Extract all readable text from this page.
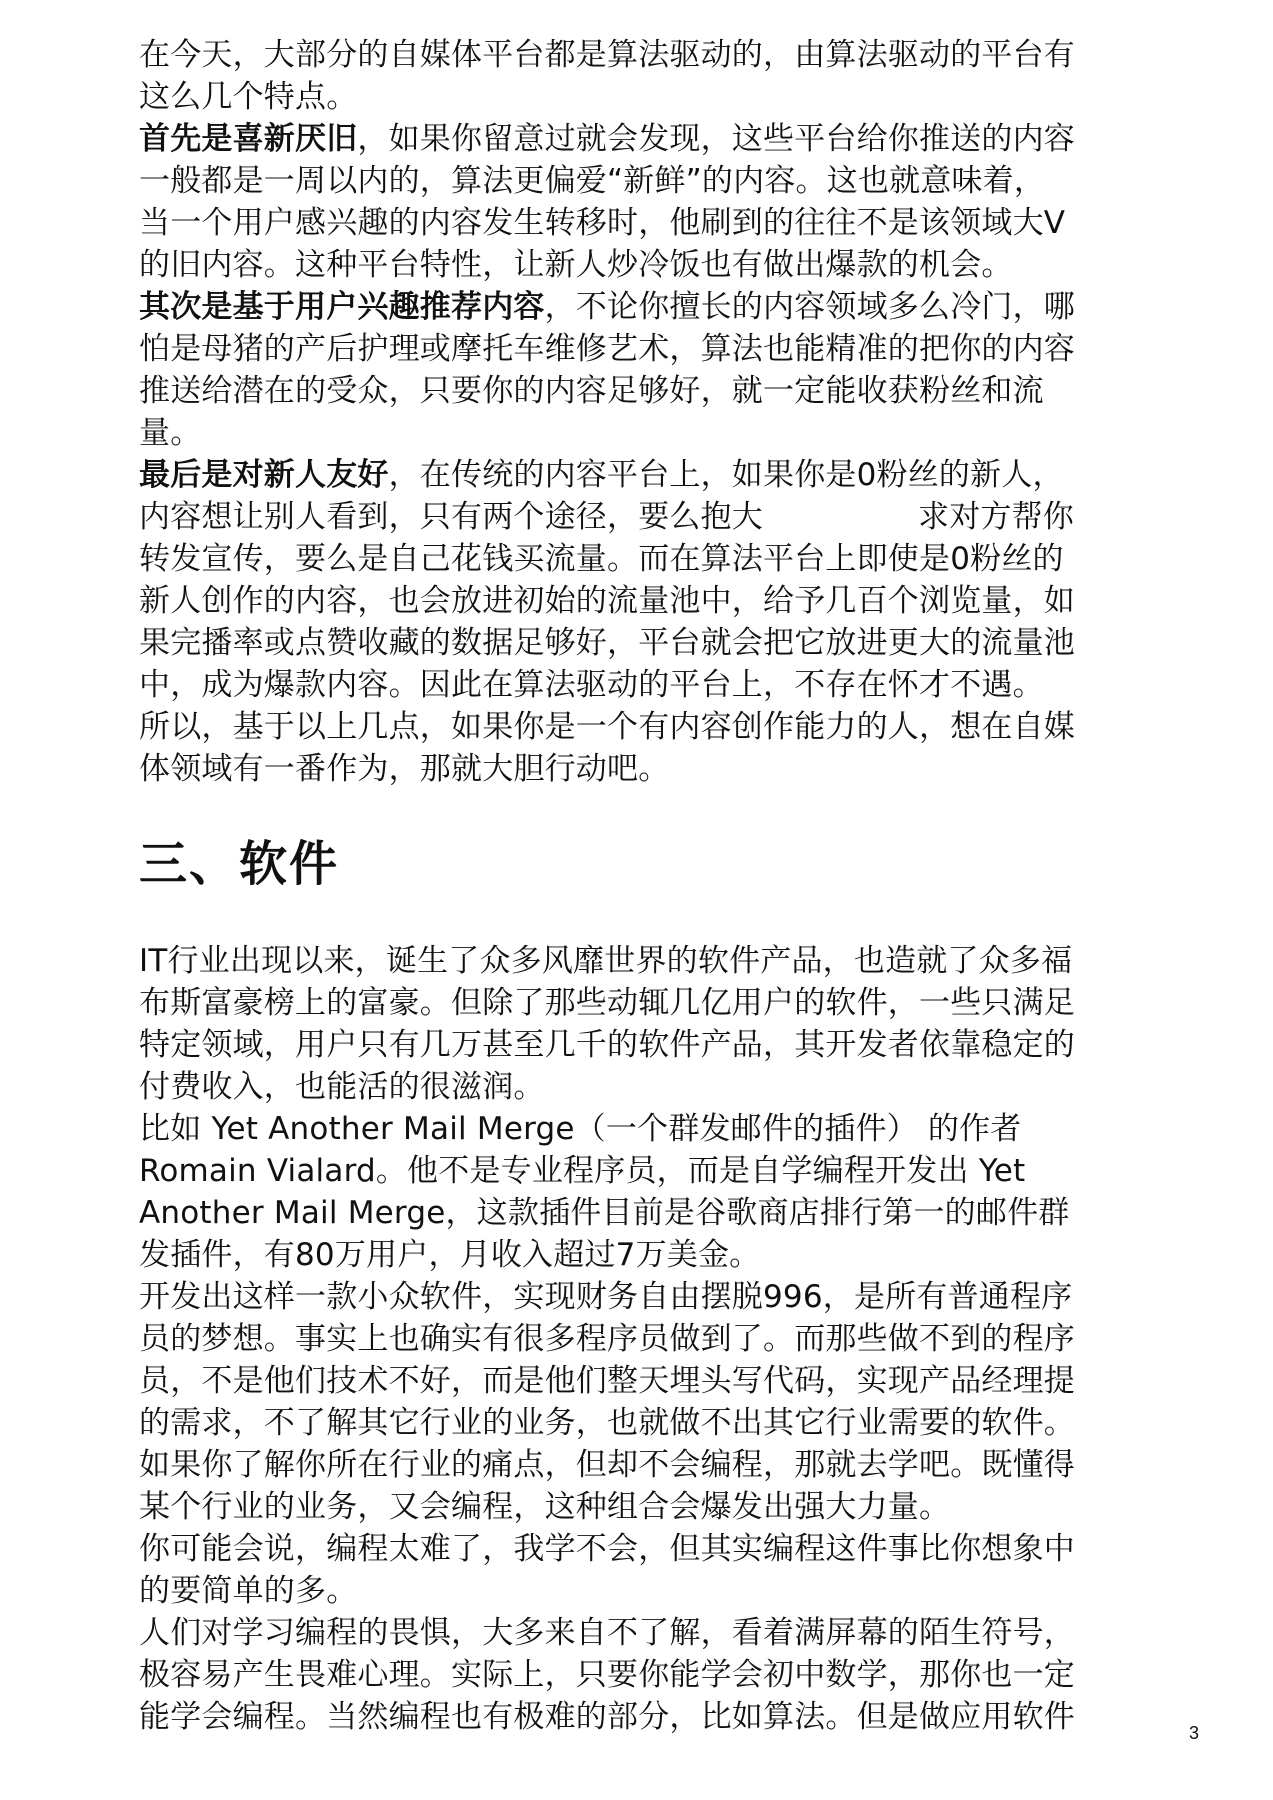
在今天，大部分的自媒体平台都是算法驱动的，由算法驱动的平台有
这么几个特点。
首先是喜新厌旧，如果你留意过就会发现，这些平台给你推送的内容
一般都是一周以内的，算法更偏爱“新鲜”的内容。这也就意味着，
当一个用户感兴趣的内容发生转移时，他刷到的往往不是该领域大V
的旧内容。这种平台特性，让新人炒冷饭也有做出爆款的机会。
其次是基于用户兴趣推荐内容，不论你擅长的内容领域多么冷门，哪
怕是母猪的产后护理或摩托车维修艺术，算法也能精准的把你的内容
推送给潜在的受众，只要你的内容足够好，就一定能收获粉丝和流
量。
最后是对新人友好，在传统的内容平台上，如果你是0粉丝的新人，
内容想让别人看到，只有两个途径，要么抱大	求对方帮你
转发宣传，要么是自己花钱买流量。而在算法平台上即使是0粉丝的
新人创作的内容，也会放进初始的流量池中，给予几百个浏览量，如
果完播率或点赞收藏的数据足够好，平台就会把它放进更大的流量池
中，成为爆款内容。因此在算法驱动的平台上，不存在怀才不遇。
所以，基于以上几点，如果你是一个有内容创作能力的人，想在自媒
体领域有一番作为，那就大胆行动吧。
三、软件
IT行业出现以来，诞生了众多风靡世界的软件产品，也造就了众多福
布斯富豪榜上的富豪。但除了那些动辄几亿用户的软件，一些只满足
特定领域，用户只有几万甚至几千的软件产品，其开发者依靠稳定的
付费收入，也能活的很滋润。
比如 Yet Another Mail Merge（一个群发邮件的插件） 的作者
Romain Vialard。他不是专业程序员，而是自学编程开发出 Yet
Another Mail Merge，这款插件目前是谷歌商店排行第一的邮件群
发插件，有80万用户，月收入超过7万美金。
开发出这样一款小众软件，实现财务自由摆脱996，是所有普通程序
员的梦想。事实上也确实有很多程序员做到了。而那些做不到的程序
员，不是他们技术不好，而是他们整天埋头写代码，实现产品经理提
的需求，不了解其它行业的业务，也就做不出其它行业需要的软件。
如果你了解你所在行业的痛点，但却不会编程，那就去学吧。既懂得
某个行业的业务，又会编程，这种组合会爆发出强大力量。
你可能会说，编程太难了，我学不会，但其实编程这件事比你想象中
的要简单的多。
人们对学习编程的畏惧，大多来自不了解，看着满屏幕的陌生符号，
极容易产生畏难心理。实际上，只要你能学会初中数学，那你也一定
能学会编程。当然编程也有极难的部分，比如算法。但是做应用软件	3
